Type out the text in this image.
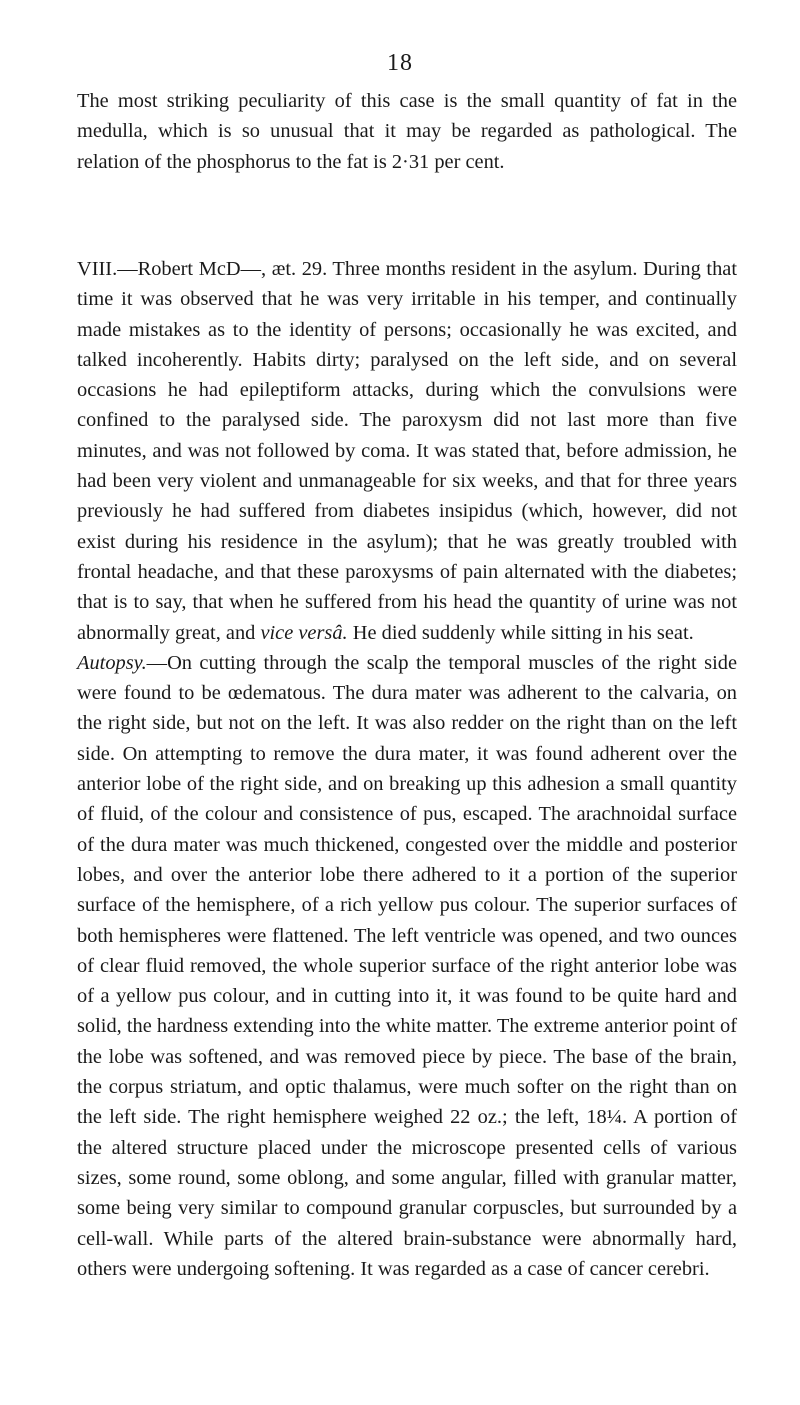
18

The most striking peculiarity of this case is the small quantity of fat in the medulla, which is so unusual that it may be regarded as pathological. The relation of the phosphorus to the fat is 2·31 per cent.

VIII.—Robert McD—, æt. 29. Three months resident in the asylum. During that time it was observed that he was very irritable in his temper, and continually made mistakes as to the identity of persons; occasionally he was excited, and talked incoherently. Habits dirty; paralysed on the left side, and on several occasions he had epileptiform attacks, during which the convulsions were confined to the paralysed side. The paroxysm did not last more than five minutes, and was not followed by coma. It was stated that, before admission, he had been very violent and unmanageable for six weeks, and that for three years previously he had suffered from diabetes insipidus (which, however, did not exist during his residence in the asylum); that he was greatly troubled with frontal headache, and that these paroxysms of pain alternated with the diabetes; that is to say, that when he suffered from his head the quantity of urine was not abnormally great, and vice versâ. He died suddenly while sitting in his seat.

Autopsy.—On cutting through the scalp the temporal muscles of the right side were found to be œdematous. The dura mater was adherent to the calvaria, on the right side, but not on the left. It was also redder on the right than on the left side. On attempting to remove the dura mater, it was found adherent over the anterior lobe of the right side, and on breaking up this adhesion a small quantity of fluid, of the colour and consistence of pus, escaped. The arachnoidal surface of the dura mater was much thickened, congested over the middle and posterior lobes, and over the anterior lobe there adhered to it a portion of the superior surface of the hemisphere, of a rich yellow pus colour. The superior surfaces of both hemispheres were flattened. The left ventricle was opened, and two ounces of clear fluid removed, the whole superior surface of the right anterior lobe was of a yellow pus colour, and in cutting into it, it was found to be quite hard and solid, the hardness extending into the white matter. The extreme anterior point of the lobe was softened, and was removed piece by piece. The base of the brain, the corpus striatum, and optic thalamus, were much softer on the right than on the left side. The right hemisphere weighed 22 oz.; the left, 18¼. A portion of the altered structure placed under the microscope presented cells of various sizes, some round, some oblong, and some angular, filled with granular matter, some being very similar to compound granular corpuscles, but surrounded by a cell-wall. While parts of the altered brain-substance were abnormally hard, others were undergoing softening. It was regarded as a case of cancer cerebri.
